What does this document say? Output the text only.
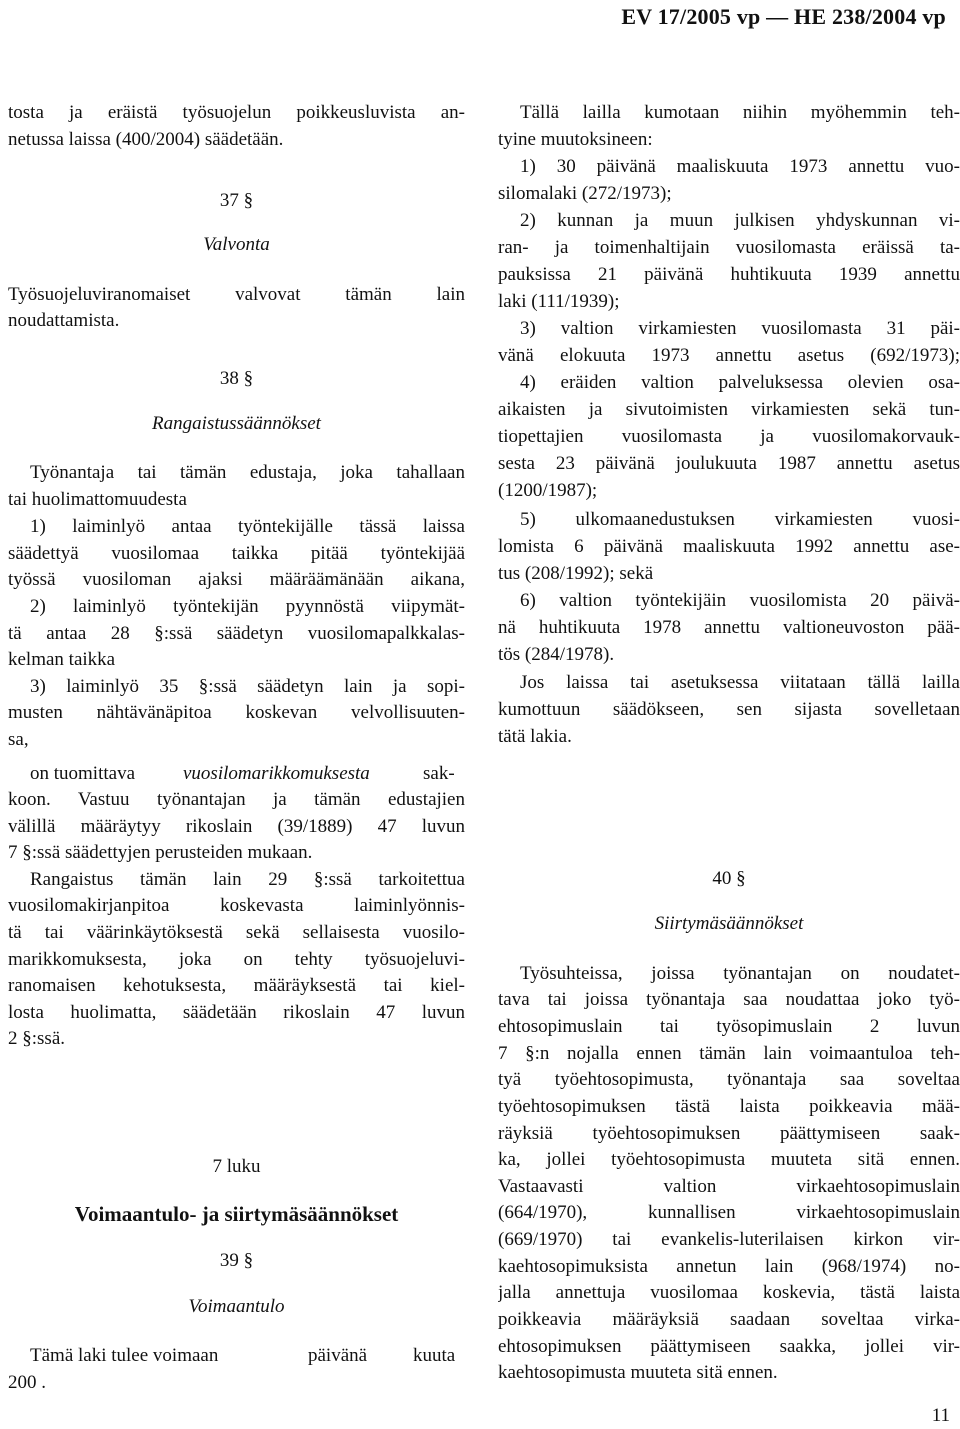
EV 17/2005 vp — HE 238/2004 vp
tosta ja eräistä työsuojelun poikkeusluvista an-
netussa laissa (400/2004) säädetään.
37 §
Valvonta
Työsuojeluviranomaiset valvovat tämän lain
noudattamista.
38 §
Rangaistussäännökset
Työnantaja tai tämän edustaja, joka tahallaan
tai huolimattomuudesta
1) laiminlyö antaa työntekijälle tässä laissa
säädettyä vuosilomaa taikka pitää työntekijää
työssä vuosiloman ajaksi määräämänään aikana,
2) laiminlyö työntekijän pyynnöstä viipymät-
tä antaa 28 §:ssä säädetyn vuosilomapalkkalas-
kelman taikka
3) laiminlyö 35 §:ssä säädetyn lain ja sopi-
musten nähtävänäpitoa koskevan velvollisuuten-
sa,
on tuomittava	vuosilomarikkomuksesta	sak-
koon. Vastuu työnantajan ja tämän edustajien
välillä määräytyy rikoslain (39/1889) 47 luvun
7 §:ssä säädettyjen perusteiden mukaan.
Rangaistus tämän lain 29 §:ssä tarkoitettua
vuosilomakirjanpitoa koskevasta laiminlyönnis-
tä tai väärinkäytöksestä sekä sellaisesta vuosilo-
marikkomuksesta, joka on tehty työsuojeluvi-
ranomaisen kehotuksesta, määräyksestä tai kiel-
losta huolimatta, säädetään rikoslain 47 luvun
2 §:ssä.
7 luku
Voimaantulo- ja siirtymäsäännökset
39 §
Voimaantulo
Tämä laki tulee voimaan	päivänä kuuta
200 .
Tällä lailla kumotaan niihin myöhemmin teh-
tyine muutoksineen:
1) 30 päivänä maaliskuuta 1973 annettu vuo-
silomalaki (272/1973);
2) kunnan ja muun julkisen yhdyskunnan vi-
ran- ja toimenhaltijain vuosilomasta eräissä ta-
pauksissa 21 päivänä huhtikuuta 1939 annettu
laki (111/1939);
3) valtion virkamiesten vuosilomasta 31 päi-
vänä elokuuta 1973 annettu asetus (692/1973);
4) eräiden valtion palveluksessa olevien osa-
aikaisten ja sivutoimisten virkamiesten sekä tun-
tiopettajien vuosilomasta ja vuosilomakorvauk-
sesta 23 päivänä joulukuuta 1987 annettu asetus
(1200/1987);
5) ulkomaanedustuksen virkamiesten vuosi-
lomista 6 päivänä maaliskuuta 1992 annettu ase-
tus (208/1992); sekä
6) valtion työntekijäin vuosilomista 20 päivä-
nä huhtikuuta 1978 annettu valtioneuvoston pää-
tös (284/1978).
Jos laissa tai asetuksessa viitataan tällä lailla
kumottuun säädökseen, sen sijasta sovelletaan
tätä lakia.
40 §
Siirtymäsäännökset
Työsuhteissa, joissa työnantajan on noudatet-
tava tai joissa työnantaja saa noudattaa joko työ-
ehtosopimuslain tai työsopimuslain 2 luvun
7 §:n nojalla ennen tämän lain voimaantuloa teh-
tyä työehtosopimusta, työnantaja saa soveltaa
työehtosopimuksen tästä laista poikkeavia mää-
räyksiä työehtosopimuksen päättymiseen saak-
ka, jollei työehtosopimusta muuteta sitä ennen.
Vastaavasti valtion virkaehtosopimuslain
(664/1970), kunnallisen virkaehtosopimuslain
(669/1970) tai evankelis-luterilaisen kirkon vir-
kaehtosopimuksista annetun lain (968/1974) no-
jalla annettuja vuosilomaa koskevia, tästä laista
poikkeavia määräyksiä saadaan soveltaa virka-
ehtosopimuksen päättymiseen saakka, jollei vir-
kaehtosopimusta muuteta sitä ennen.
11
